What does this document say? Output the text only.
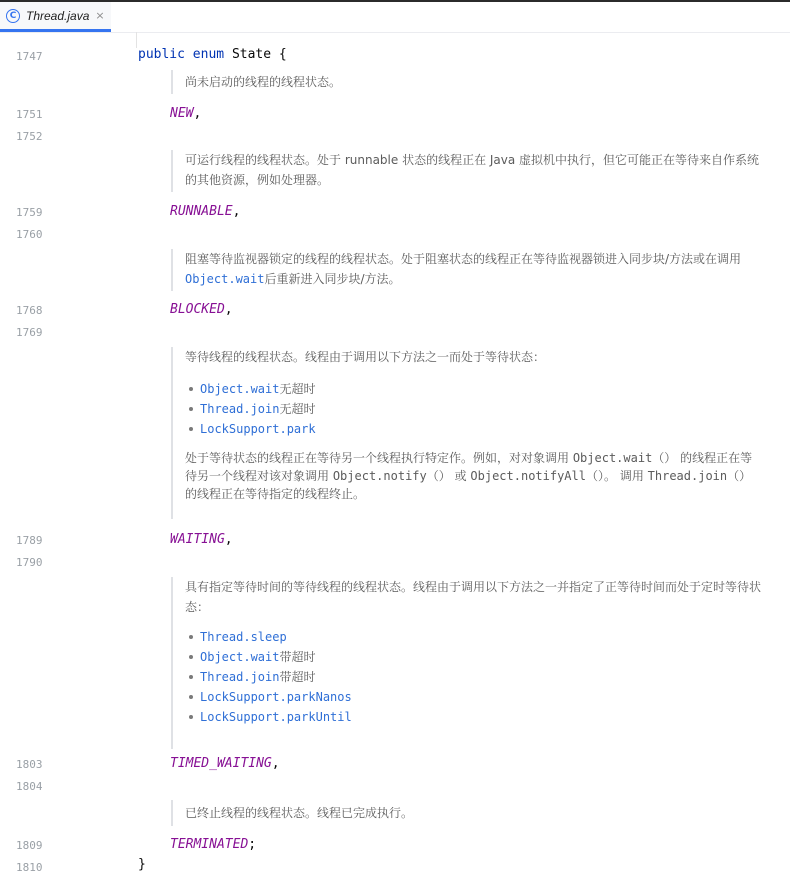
C Thread.java ×
1747
1751
1752
1759
1760
1768
1769
1789
1790
1803
1804
1809
1810
public enum State {

尚未启动的线程的线程状态。

NEW,

可运行线程的线程状态。处于 runnable 状态的线程正在 Java 虚拟机中执行，但它可能正在等待来自作系统的其他资源，例如处理器。

RUNNABLE,

阻塞等待监视器锁定的线程的线程状态。处于阻塞状态的线程正在等待监视器锁进入同步块/方法或在调用 Object.wait后重新进入同步块/方法。

BLOCKED,

等待线程的线程状态。线程由于调用以下方法之一而处于等待状态：

Object.wait 无超时
Thread.join 无超时
LockSupport.park

处于等待状态的线程正在等待另一个线程执行特定作。例如，对对象调用 Object.wait（） 的线程正在等待另一个线程对该对象调用 Object.notify（） 或 Object.notifyAll（）。 调用 Thread.join（） 的线程正在等待指定的线程终止。

WAITING,

具有指定等待时间的等待线程的线程状态。线程由于调用以下方法之一并指定了正等待时间而处于定时等待状态：

Thread.sleep
Object.wait 带超时
Thread.join 带超时
LockSupport.parkNanos
LockSupport.parkUntil
TIMED_WAITING,

已终止线程的线程状态。线程已完成执行。

TERMINATED;
}
